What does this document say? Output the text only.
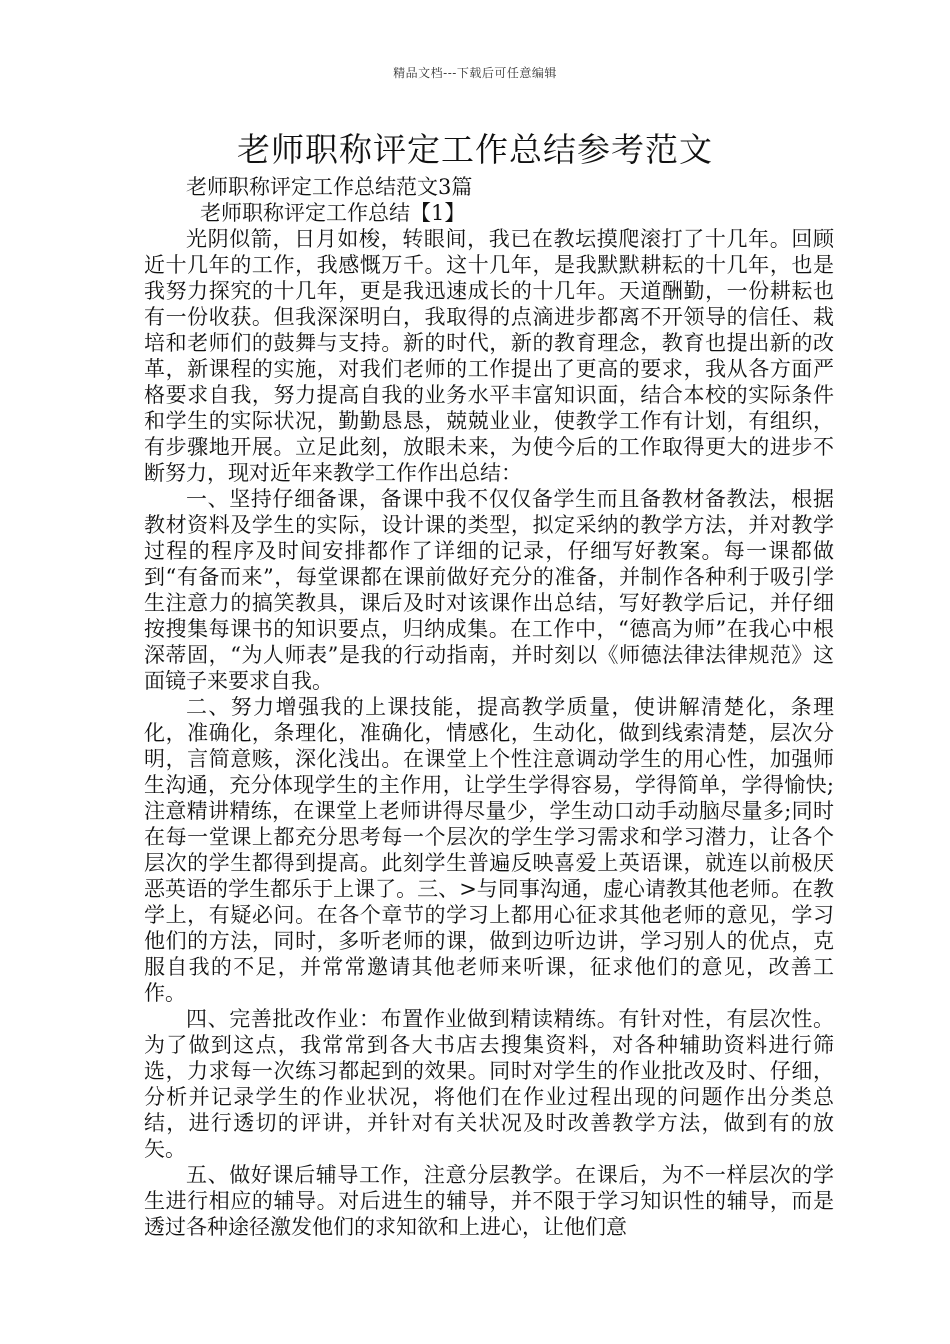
精品文档---下载后可任意编辑
老师职称评定工作总结参考范文
老师职称评定工作总结范文3篇
老师职称评定工作总结【1】

光阴似箭，日月如梭，转眼间，我已在教坛摸爬滚打了十几年。回顾近十几年的工作，我感慨万千。这十几年，是我默默耕耘的十几年，也是我努力探究的十几年，更是我迅速成长的十几年。天道酬勤，一份耕耘也有一份收获。但我深深明白，我取得的点滴进步都离不开领导的信任、栽培和老师们的鼓舞与支持。新的时代，新的教育理念，教育也提出新的改革，新课程的实施，对我们老师的工作提出了更高的要求，我从各方面严格要求自我，努力提高自我的业务水平丰富知识面，结合本校的实际条件和学生的实际状况，勤勤恳恳，兢兢业业，使教学工作有计划，有组织，有步骤地开展。立足此刻，放眼未来，为使今后的工作取得更大的进步不断努力，现对近年来教学工作作出总结：

一、坚持仔细备课，备课中我不仅仅备学生而且备教材备教法，根据教材资料及学生的实际，设计课的类型，拟定采纳的教学方法，并对教学过程的程序及时间安排都作了详细的记录，仔细写好教案。每一课都做到“有备而来”，每堂课都在课前做好充分的准备，并制作各种利于吸引学生注意力的搞笑教具，课后及时对该课作出总结，写好教学后记，并仔细按搜集每课书的知识要点，归纳成集。在工作中，“德高为师”在我心中根深蒂固，“为人师表”是我的行动指南，并时刻以《师德法律法律规范》这面镜子来要求自我。

二、努力增强我的上课技能，提高教学质量，使讲解清楚化，条理化，准确化，条理化，准确化，情感化，生动化，做到线索清楚，层次分明，言简意赅，深化浅出。在课堂上个性注意调动学生的用心性，加强师生沟通，充分体现学生的主作用，让学生学得容易，学得简单，学得愉快;注意精讲精练，在课堂上老师讲得尽量少，学生动口动手动脑尽量多;同时在每一堂课上都充分思考每一个层次的学生学习需求和学习潜力，让各个层次的学生都得到提高。此刻学生普遍反映喜爱上英语课，就连以前极厌恶英语的学生都乐于上课了。三、>与同事沟通，虚心请教其他老师。在教学上，有疑必问。在各个章节的学习上都用心征求其他老师的意见，学习他们的方法，同时，多听老师的课，做到边听边讲，学习别人的优点，克服自我的不足，并常常邀请其他老师来听课，征求他们的意见，改善工作。

四、完善批改作业：布置作业做到精读精练。有针对性，有层次性。为了做到这点，我常常到各大书店去搜集资料，对各种辅助资料进行筛选，力求每一次练习都起到的效果。同时对学生的作业批改及时、仔细，分析并记录学生的作业状况，将他们在作业过程出现的问题作出分类总结，进行透切的评讲，并针对有关状况及时改善教学方法，做到有的放矢。

五、做好课后辅导工作，注意分层教学。在课后，为不一样层次的学生进行相应的辅导。对后进生的辅导，并不限于学习知识性的辅导，而是透过各种途径激发他们的求知欲和上进心，让他们意
